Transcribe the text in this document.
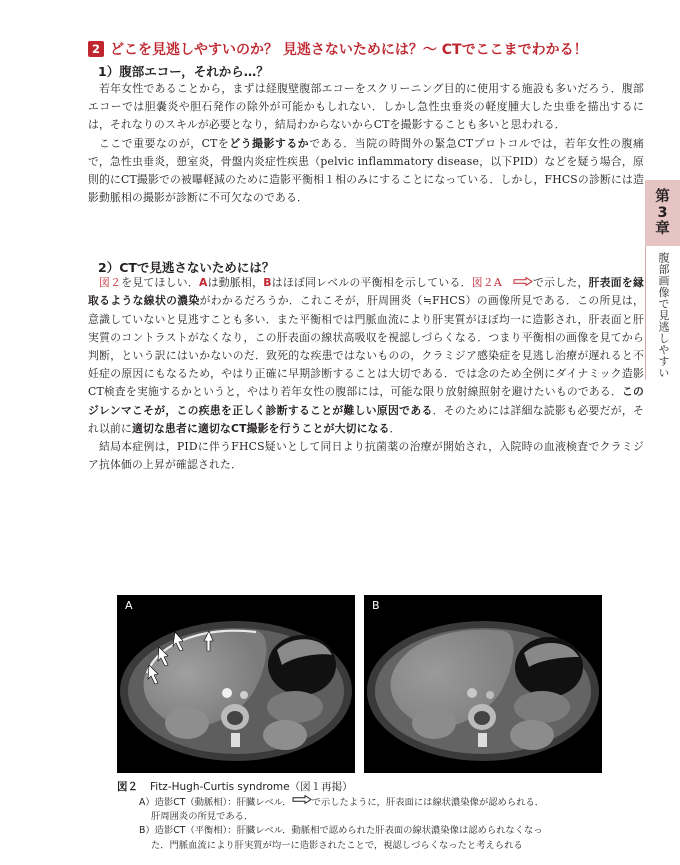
2 どこを見逃しやすいのか？ 見逃さないためには？〜 CTでここまでわかる！
1）腹部エコー，それから…？

若年女性であることから，まずは経腹壁腹部エコーをスクリーニング目的に使用する施設も多いだろう．腹部エコーでは胆嚢炎や胆石発作の除外が可能かもしれない．しかし急性虫垂炎の軽度腫大した虫垂を描出するには，それなりのスキルが必要となり，結局わからないからCTを撮影することも多いと思われる．

ここで重要なのが，CTをどう撮影するかである．当院の時間外の緊急CTプロトコルでは，若年女性の腹痛で，急性虫垂炎，憩室炎，骨盤内炎症性疾患（pelvic inflammatory disease，以下PID）などを疑う場合，原則的にCT撮影での被曝軽減のために造影平衡相１相のみにすることになっている．しかし，FHCSの診断には造影動脈相の撮影が診断に不可欠なのである．

2）CTで見逃さないためには？

図２を見てほしい．Aは動脈相，Bはほぼ同レベルの平衡相を示している．図２A	で示した，肝表面を縁取るような線状の濃染がわかるだろうか．これこそが，肝周囲炎（≒FHCS）の画像所見である．この所見は，意識していないと見逃すことも多い．また平衡相では門脈血流により肝実質がほぼ均一に造影され，肝表面と肝実質のコントラストがなくなり，この肝表面の線状高吸収を視認しづらくなる．つまり平衡相の画像を見てから判断，という訳にはいかないのだ．致死的な疾患ではないものの，クラミジア感染症を見逃し治療が遅れると不妊症の原因にもなるため，やはり正確に早期診断することは大切である．では念のため全例にダイナミック造影CT検査を実施するかというと，やはり若年女性の腹部には，可能な限り放射線照射を避けたいものである．このジレンマこそが，この疾患を正しく診断することが難しい原因である．そのためには詳細な読影も必要だが，それ以前に適切な患者に適切なCT撮影を行うことが大切になる．

結局本症例は，PIDに伴うFHCS疑いとして同日より抗菌薬の治療が開始され，入院時の血液検査でクラミジア抗体価の上昇が確認された．

第
3
章
腹部画像で見逃しやすい
A	B
図２ Fitz-Hugh-Curtis syndrome（図１再掲）
A）造影CT（動脈相）：肝臓レベル． で示したように，肝表面には線状濃染像が認められる．
肝周囲炎の所見である．
B）造影CT（平衡相）：肝臓レベル．動脈相で認められた肝表面の線状濃染像は認められなくなっ
た．門脈血流により肝実質が均一に造影されたことで，視認しづらくなったと考えられる
